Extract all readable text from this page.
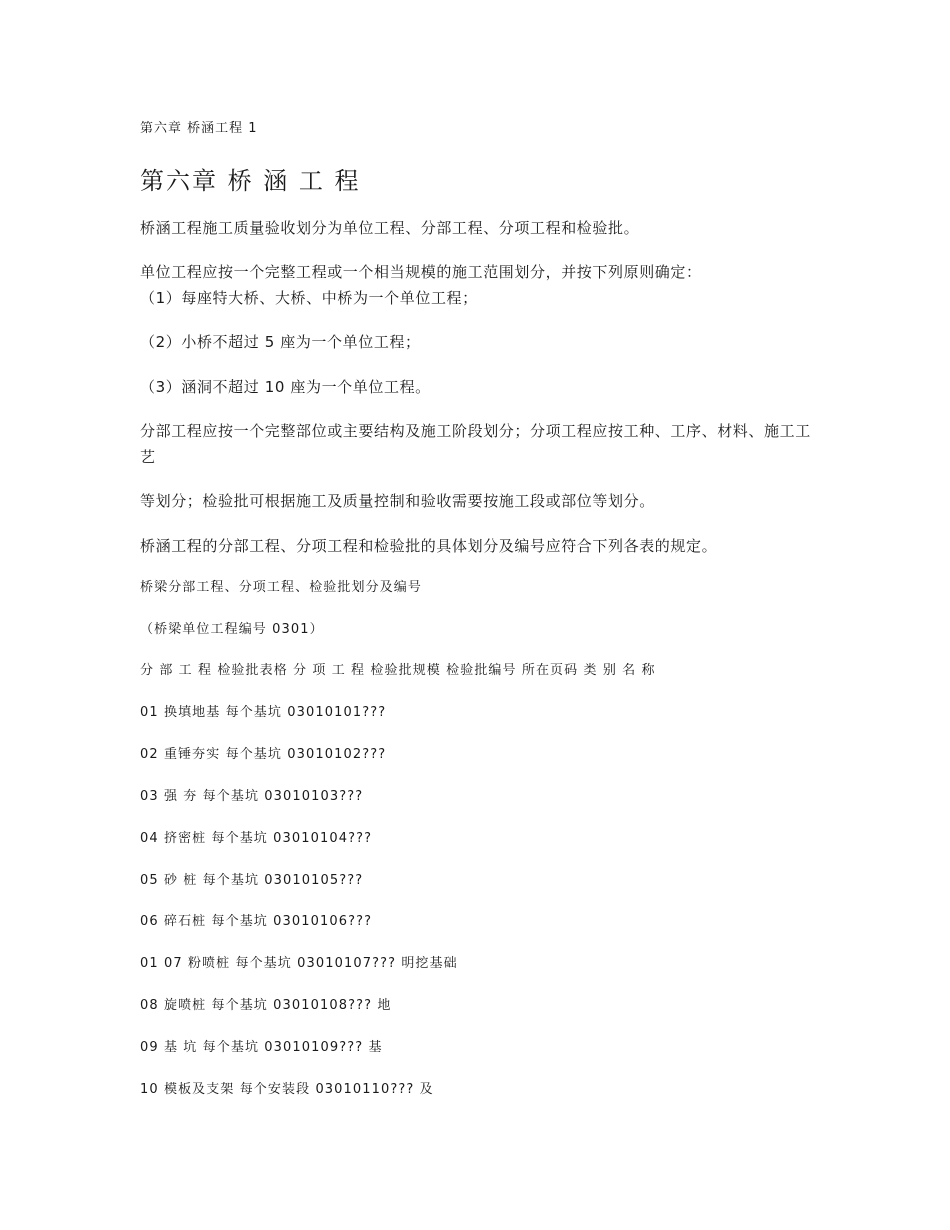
第六章 桥涵工程 1
第六章 桥 涵 工 程

桥涵工程施工质量验收划分为单位工程、分部工程、分项工程和检验批。

单位工程应按一个完整工程或一个相当规模的施工范围划分，并按下列原则确定：

（1）每座特大桥、大桥、中桥为一个单位工程；

（2）小桥不超过 5 座为一个单位工程；

（3）涵洞不超过 10 座为一个单位工程。

分部工程应按一个完整部位或主要结构及施工阶段划分；分项工程应按工种、工序、材料、施工工艺

等划分；检验批可根据施工及质量控制和验收需要按施工段或部位等划分。

桥涵工程的分部工程、分项工程和检验批的具体划分及编号应符合下列各表的规定。

桥梁分部工程、分项工程、检验批划分及编号
（桥梁单位工程编号 0301）
分 部 工 程 检验批表格 分 项 工 程 检验批规模 检验批编号 所在页码 类 别 名 称
01 换填地基 每个基坑 03010101???
02 重锤夯实 每个基坑 03010102???
03 强 夯 每个基坑 03010103???
04 挤密桩 每个基坑 03010104???
05 砂 桩 每个基坑 03010105???
06 碎石桩 每个基坑 03010106???
01 07 粉喷桩 每个基坑 03010107??? 明挖基础
08 旋喷桩 每个基坑 03010108??? 地
09 基 坑 每个基坑 03010109??? 基
10 模板及支架 每个安装段 03010110??? 及
